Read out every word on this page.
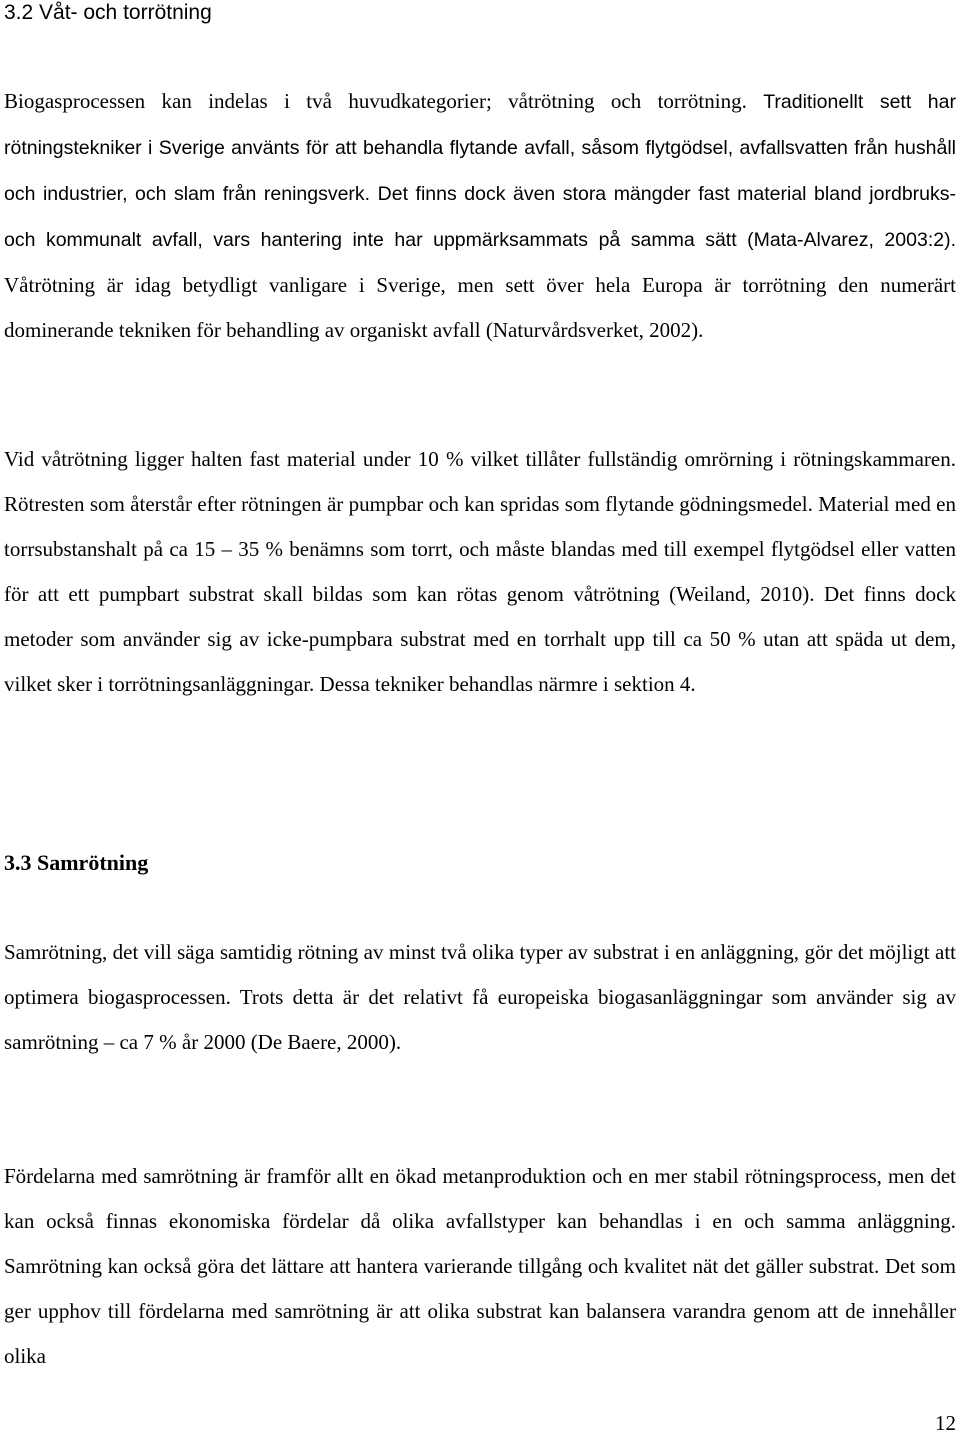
3.2 Våt- och torrötning

Biogasprocessen kan indelas i två huvudkategorier; våtrötning och torrötning. Traditionellt sett har rötningstekniker i Sverige använts för att behandla flytande avfall, såsom flytgödsel, avfallsvatten från hushåll och industrier, och slam från reningsverk. Det finns dock även stora mängder fast material bland jordbruks- och kommunalt avfall, vars hantering inte har uppmärksammats på samma sätt (Mata-Alvarez, 2003:2). Våtrötning är idag betydligt vanligare i Sverige, men sett över hela Europa är torrötning den numerärt dominerande tekniken för behandling av organiskt avfall (Naturvårdsverket, 2002).

Vid våtrötning ligger halten fast material under 10 % vilket tillåter fullständig omrörning i rötningskammaren. Rötresten som återstår efter rötningen är pumpbar och kan spridas som flytande gödningsmedel. Material med en torrsubstanshalt på ca 15 – 35 % benämns som torrt, och måste blandas med till exempel flytgödsel eller vatten för att ett pumpbart substrat skall bildas som kan rötas genom våtrötning (Weiland, 2010). Det finns dock metoder som använder sig av icke-pumpbara substrat med en torrhalt upp till ca 50 % utan att späda ut dem, vilket sker i torrötningsanläggningar. Dessa tekniker behandlas närmre i sektion 4.

3.3 Samrötning

Samrötning, det vill säga samtidig rötning av minst två olika typer av substrat i en anläggning, gör det möjligt att optimera biogasprocessen. Trots detta är det relativt få europeiska biogasanläggningar som använder sig av samrötning – ca 7 % år 2000 (De Baere, 2000).

Fördelarna med samrötning är framför allt en ökad metanproduktion och en mer stabil rötningsprocess, men det kan också finnas ekonomiska fördelar då olika avfallstyper kan behandlas i en och samma anläggning. Samrötning kan också göra det lättare att hantera varierande tillgång och kvalitet nät det gäller substrat. Det som ger upphov till fördelarna med samrötning är att olika substrat kan balansera varandra genom att de innehåller olika

12
